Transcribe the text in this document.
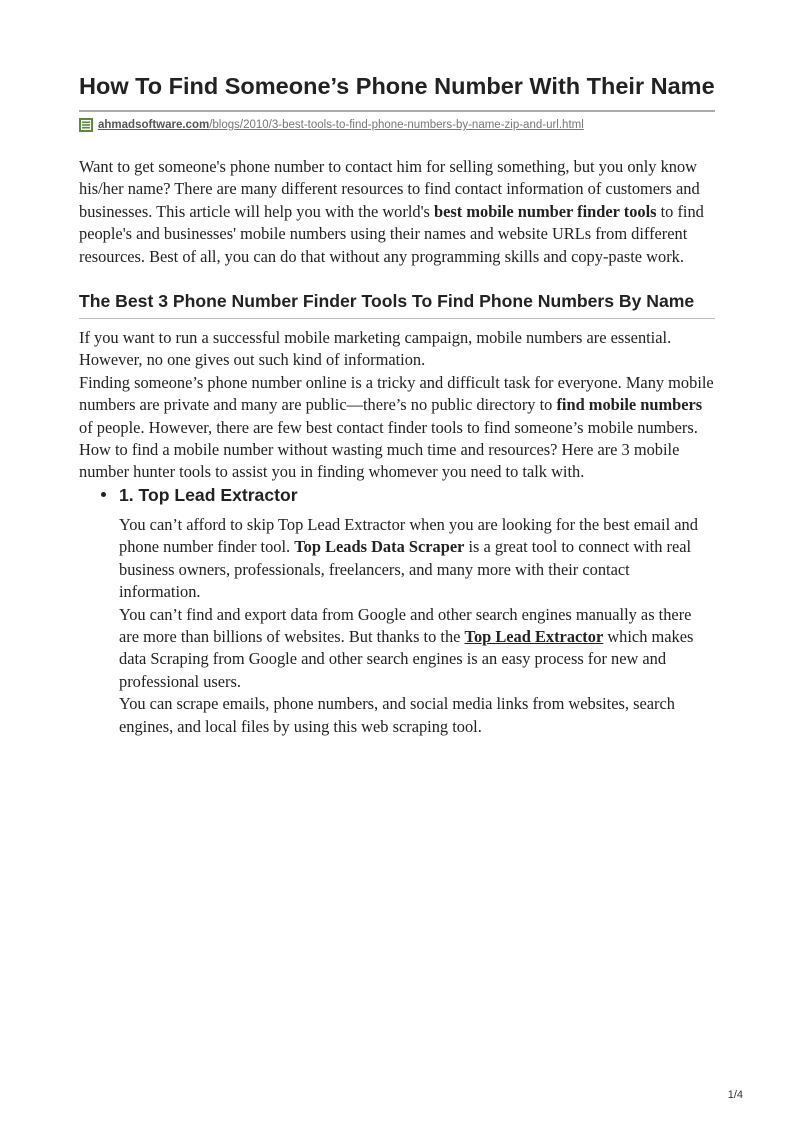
How To Find Someone’s Phone Number With Their Name
ahmadsoftware.com/blogs/2010/3-best-tools-to-find-phone-numbers-by-name-zip-and-url.html

Want to get someone's phone number to contact him for selling something, but you only know his/her name? There are many different resources to find contact information of customers and businesses. This article will help you with the world's best mobile number finder tools to find people's and businesses' mobile numbers using their names and website URLs from different resources. Best of all, you can do that without any programming skills and copy-paste work.

The Best 3 Phone Number Finder Tools To Find Phone Numbers By Name

If you want to run a successful mobile marketing campaign, mobile numbers are essential. However, no one gives out such kind of information.

Finding someone’s phone number online is a tricky and difficult task for everyone. Many mobile numbers are private and many are public—there’s no public directory to find mobile numbers of people. However, there are few best contact finder tools to find someone’s mobile numbers.

How to find a mobile number without wasting much time and resources? Here are 3 mobile number hunter tools to assist you in finding whomever you need to talk with.

1. Top Lead Extractor

You can’t afford to skip Top Lead Extractor when you are looking for the best email and phone number finder tool. Top Leads Data Scraper is a great tool to connect with real business owners, professionals, freelancers, and many more with their contact information.

You can’t find and export data from Google and other search engines manually as there are more than billions of websites. But thanks to the Top Lead Extractor which makes data Scraping from Google and other search engines is an easy process for new and professional users.

You can scrape emails, phone numbers, and social media links from websites, search engines, and local files by using this web scraping tool.

1/4
